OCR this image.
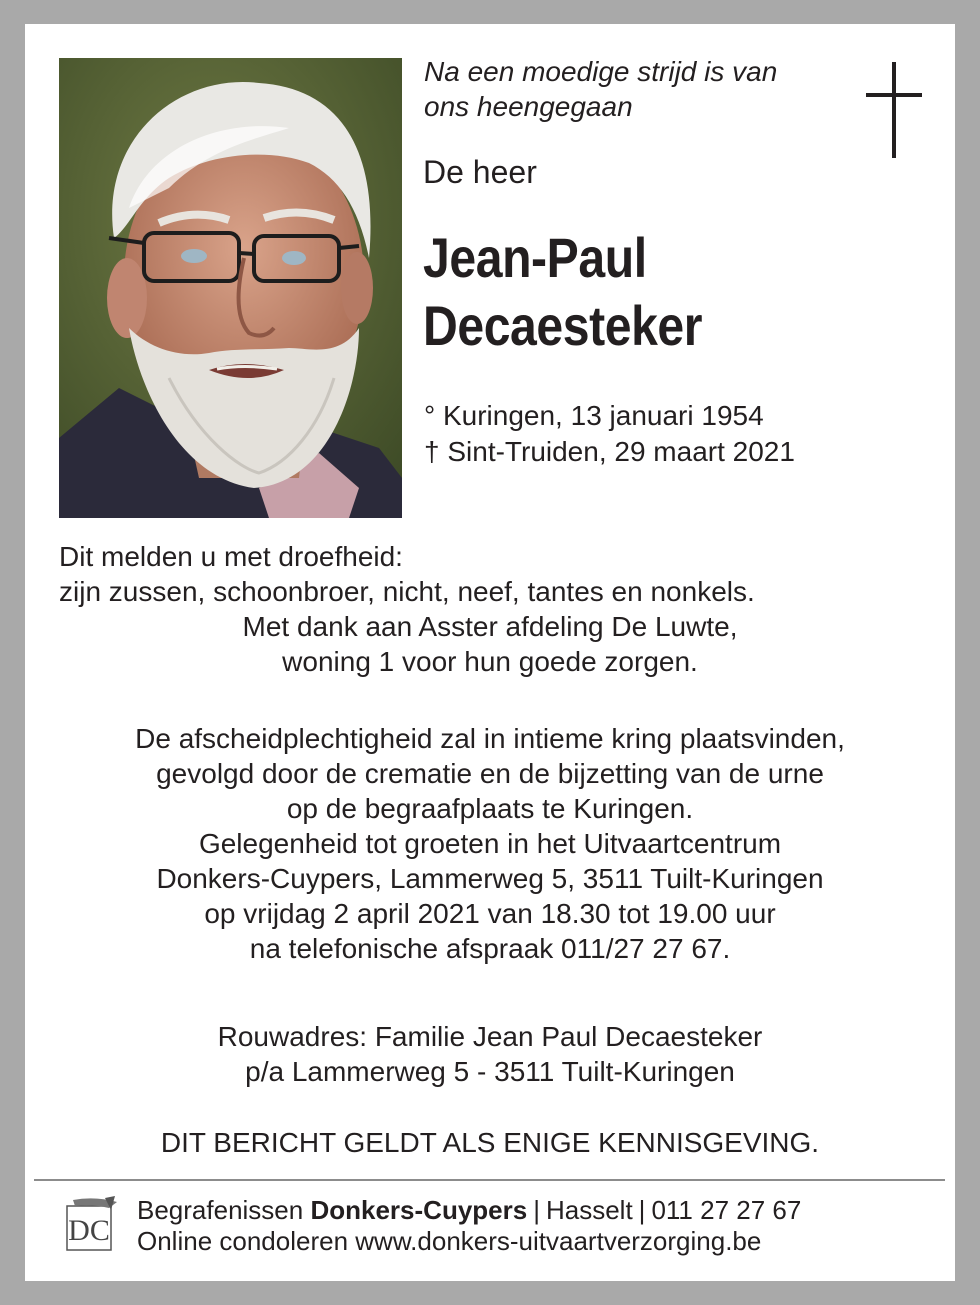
Na een moedige strijd is van
ons heengegaan
De heer
Jean-Paul
Decaesteker
° Kuringen, 13 januari 1954
† Sint-Truiden, 29 maart 2021
Dit melden u met droefheid:
zijn zussen, schoonbroer, nicht, neef, tantes en nonkels.
Met dank aan Asster afdeling De Luwte,
woning 1 voor hun goede zorgen.
De afscheidplechtigheid zal in intieme kring plaatsvinden,
gevolgd door de crematie en de bijzetting van de urne
op de begraafplaats te Kuringen.
Gelegenheid tot groeten in het Uitvaartcentrum
Donkers-Cuypers, Lammerweg 5, 3511 Tuilt-Kuringen
op vrijdag 2 april 2021 van 18.30 tot 19.00 uur
na telefonische afspraak 011/27 27 67.
Rouwadres: Familie Jean Paul Decaesteker
p/a Lammerweg 5 - 3511 Tuilt-Kuringen
DIT BERICHT GELDT ALS ENIGE KENNISGEVING.
DC
Begrafenissen Donkers-Cuypers | Hasselt | 011 27 27 67
Online condoleren www.donkers-uitvaartverzorging.be
